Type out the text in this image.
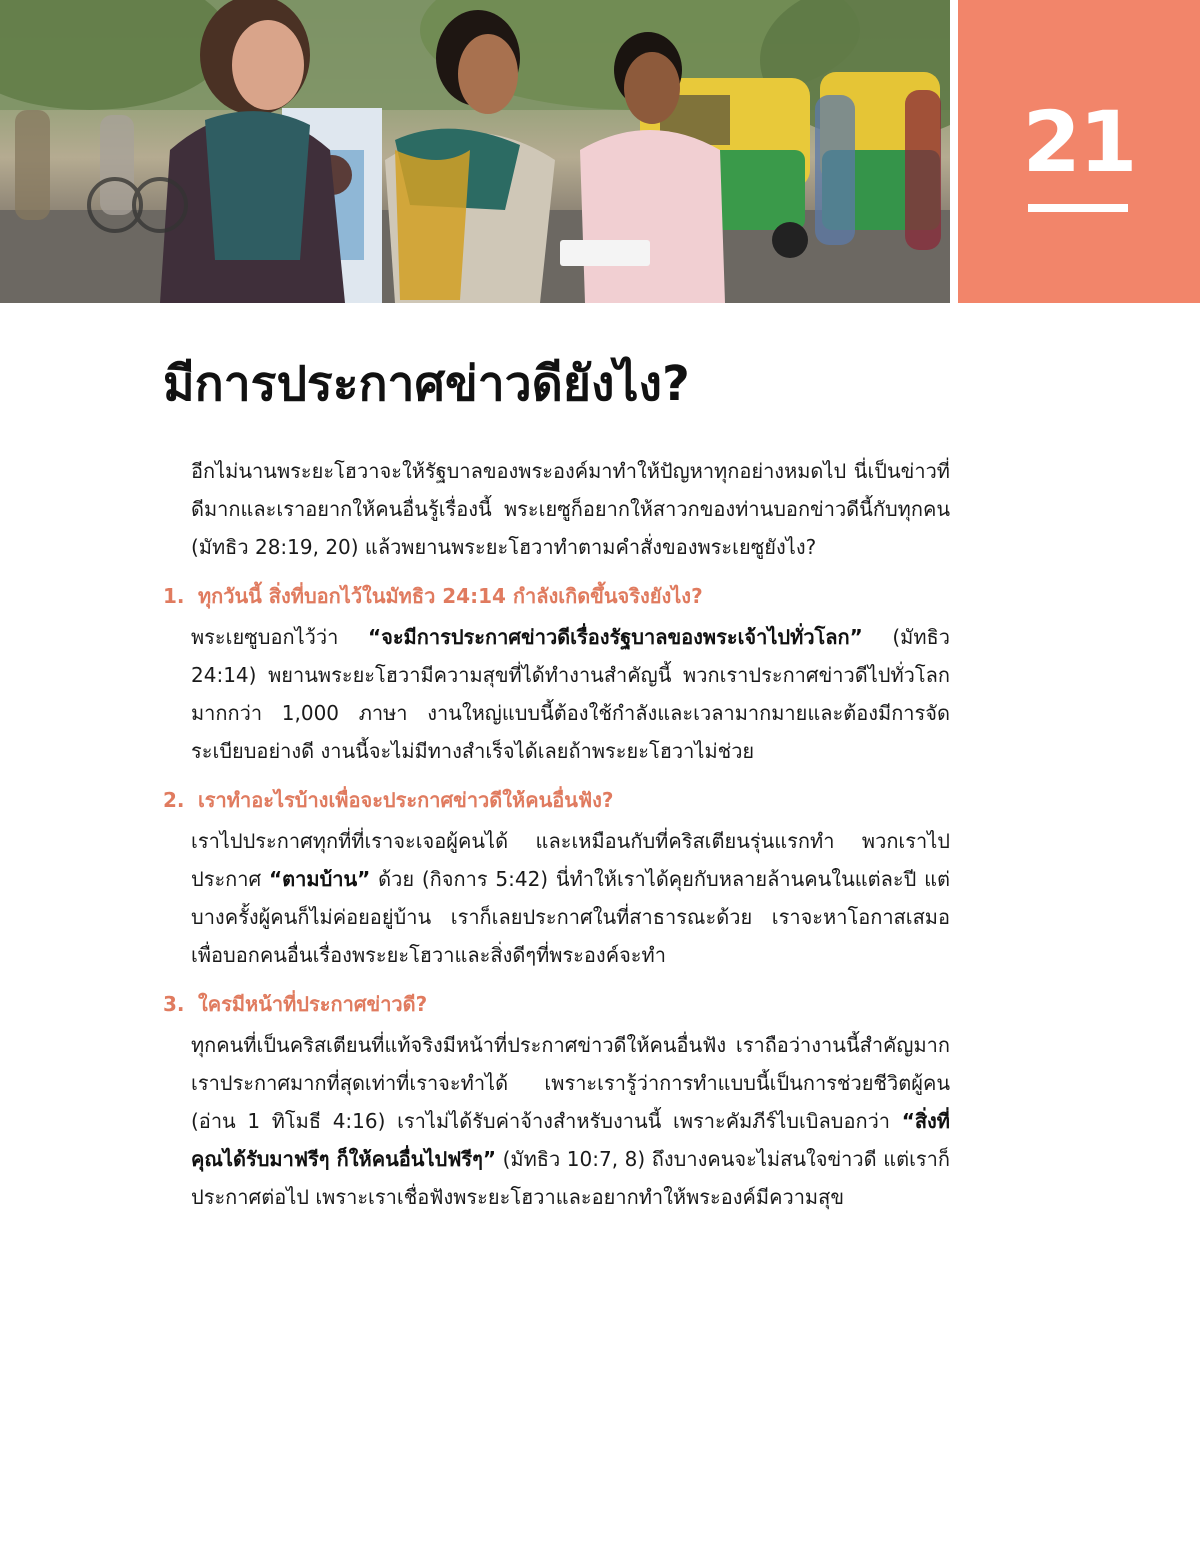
21
มีการประกาศข่าวดียังไง?

อีกไม่นานพระยะโฮวาจะให้รัฐบาลของพระองค์มาทำให้ปัญหาทุกอย่างหมดไป นี่เป็นข่าวที่ดีมากและเราอยากให้คนอื่นรู้เรื่องนี้ พระเยซูก็อยากให้สาวกของท่านบอกข่าวดีนี้กับทุกคน (มัทธิว 28:19, 20) แล้วพยานพระยะโฮวาทำตามคำสั่งของพระเยซูยังไง?

1. ทุกวันนี้ สิ่งที่บอกไว้ในมัทธิว 24:14 กำลังเกิดขึ้นจริงยังไง?

พระเยซูบอกไว้ว่า “จะมีการประกาศข่าวดีเรื่องรัฐบาลของพระเจ้าไปทั่วโลก” (มัทธิว 24:14) พยานพระยะโฮวามีความสุขที่ได้ทำงานสำคัญนี้ พวกเราประกาศข่าวดีไปทั่วโลกมากกว่า 1,000 ภาษา งานใหญ่แบบนี้ต้องใช้กำลังและเวลามากมายและต้องมีการจัดระเบียบอย่างดี งานนี้จะไม่มีทางสำเร็จได้เลยถ้าพระยะโฮวาไม่ช่วย

2. เราทำอะไรบ้างเพื่อจะประกาศข่าวดีให้คนอื่นฟัง?

เราไปประกาศทุกที่ที่เราจะเจอผู้คนได้ และเหมือนกับที่คริสเตียนรุ่นแรกทำ พวกเราไปประกาศ “ตามบ้าน” ด้วย (กิจการ 5:42) นี่ทำให้เราได้คุยกับหลายล้านคนในแต่ละปี แต่บางครั้งผู้คนก็ไม่ค่อยอยู่บ้าน เราก็เลยประกาศในที่สาธารณะด้วย เราจะหาโอกาสเสมอเพื่อบอกคนอื่นเรื่องพระยะโฮวาและสิ่งดีๆที่พระองค์จะทำ

3. ใครมีหน้าที่ประกาศข่าวดี?

ทุกคนที่เป็นคริสเตียนที่แท้จริงมีหน้าที่ประกาศข่าวดีให้คนอื่นฟัง เราถือว่างานนี้สำคัญมาก เราประกาศมากที่สุดเท่าที่เราจะทำได้ เพราะเรารู้ว่าการทำแบบนี้เป็นการช่วยชีวิตผู้คน (อ่าน 1 ทิโมธี 4:16) เราไม่ได้รับค่าจ้างสำหรับงานนี้ เพราะคัมภีร์ไบเบิลบอกว่า “สิ่งที่คุณได้รับมาฟรีๆ ก็ให้คนอื่นไปฟรีๆ” (มัทธิว 10:7, 8) ถึงบางคนจะไม่สนใจข่าวดี แต่เราก็ประกาศต่อไป เพราะเราเชื่อฟังพระยะโฮวาและอยากทำให้พระองค์มีความสุข
